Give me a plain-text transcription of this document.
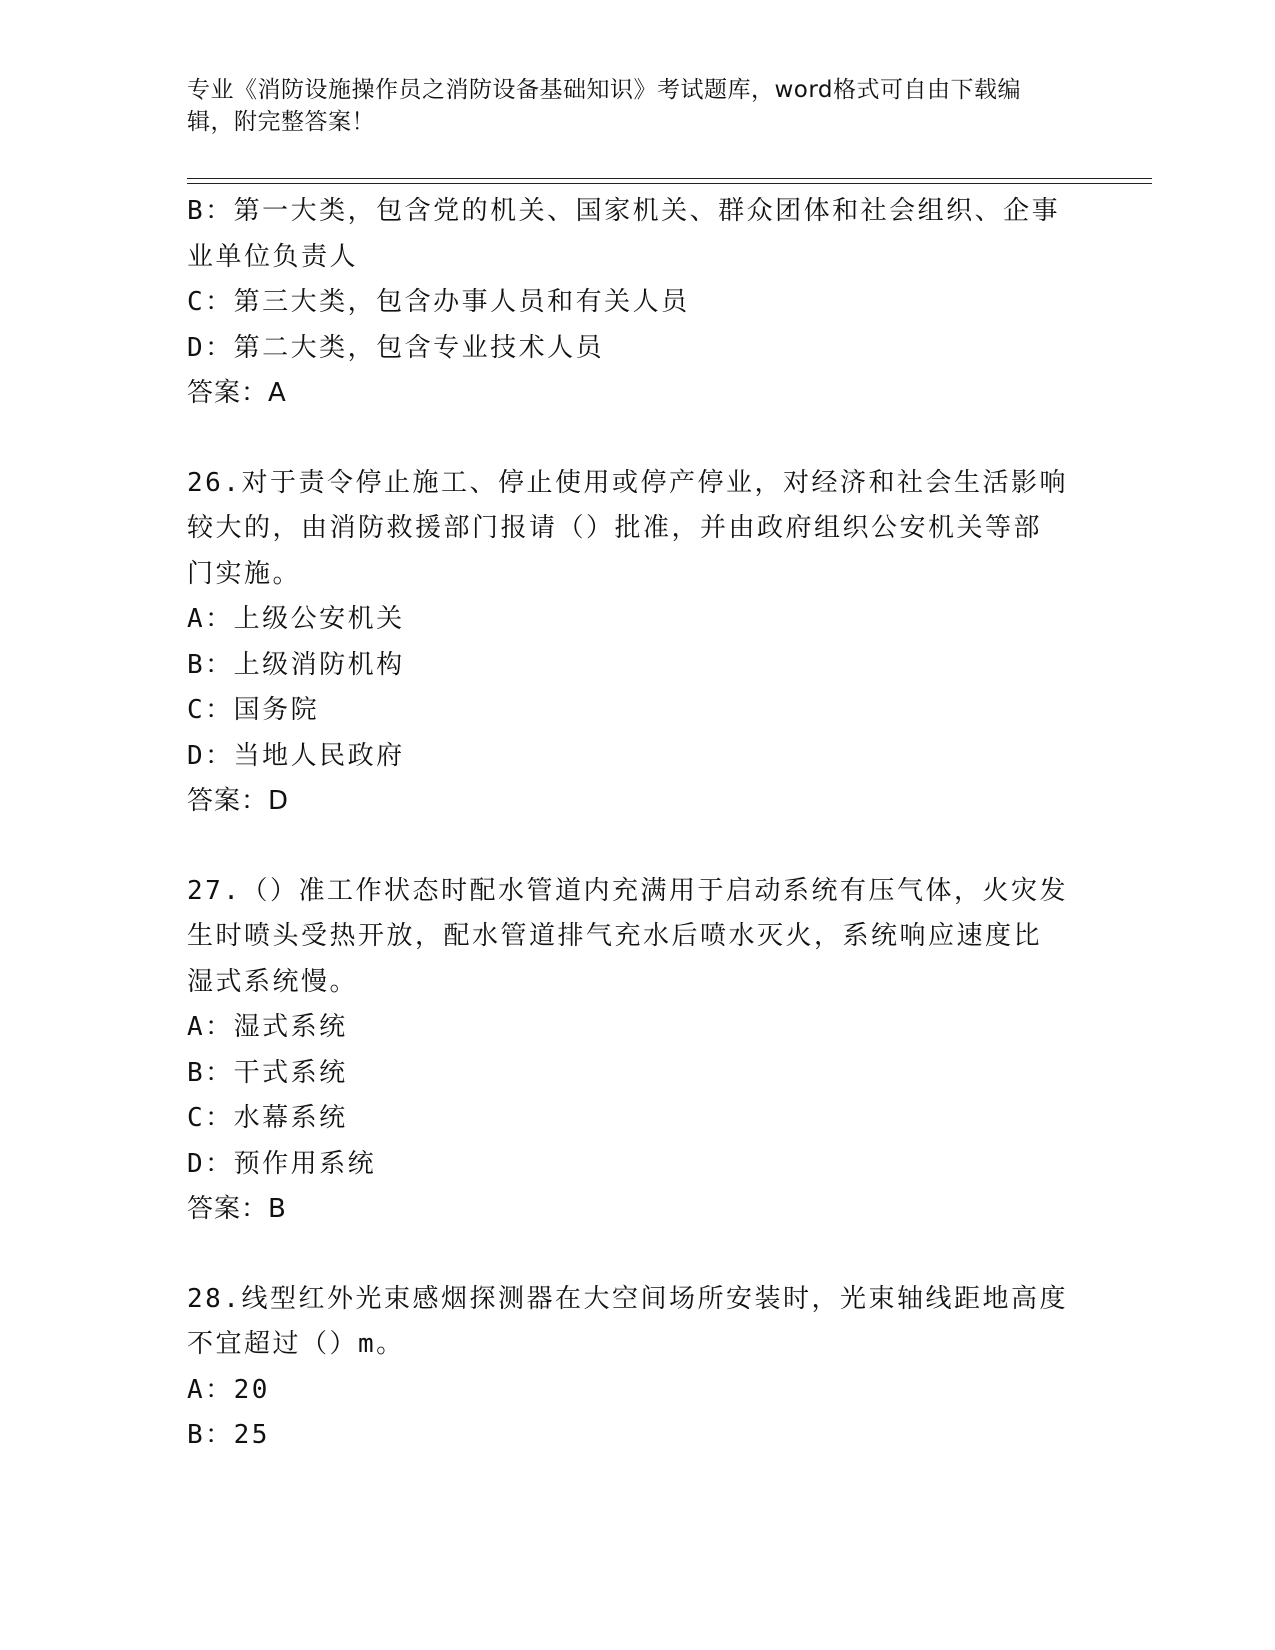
专业《消防设施操作员之消防设备基础知识》考试题库，word格式可自由下载编
辑，附完整答案！
B：第一大类，包含党的机关、国家机关、群众团体和社会组织、企事
业单位负责人
C：第三大类，包含办事人员和有关人员
D：第二大类，包含专业技术人员
答案：A
26.对于责令停止施工、停止使用或停产停业，对经济和社会生活影响
较大的，由消防救援部门报请（）批准，并由政府组织公安机关等部
门实施。
A：上级公安机关
B：上级消防机构
C：国务院
D：当地人民政府
答案：D
27.（）准工作状态时配水管道内充满用于启动系统有压气体，火灾发
生时喷头受热开放，配水管道排气充水后喷水灭火，系统响应速度比
湿式系统慢。
A：湿式系统
B：干式系统
C：水幕系统
D：预作用系统
答案：B
28.线型红外光束感烟探测器在大空间场所安装时，光束轴线距地高度
不宜超过（）m。
A：20
B：25
